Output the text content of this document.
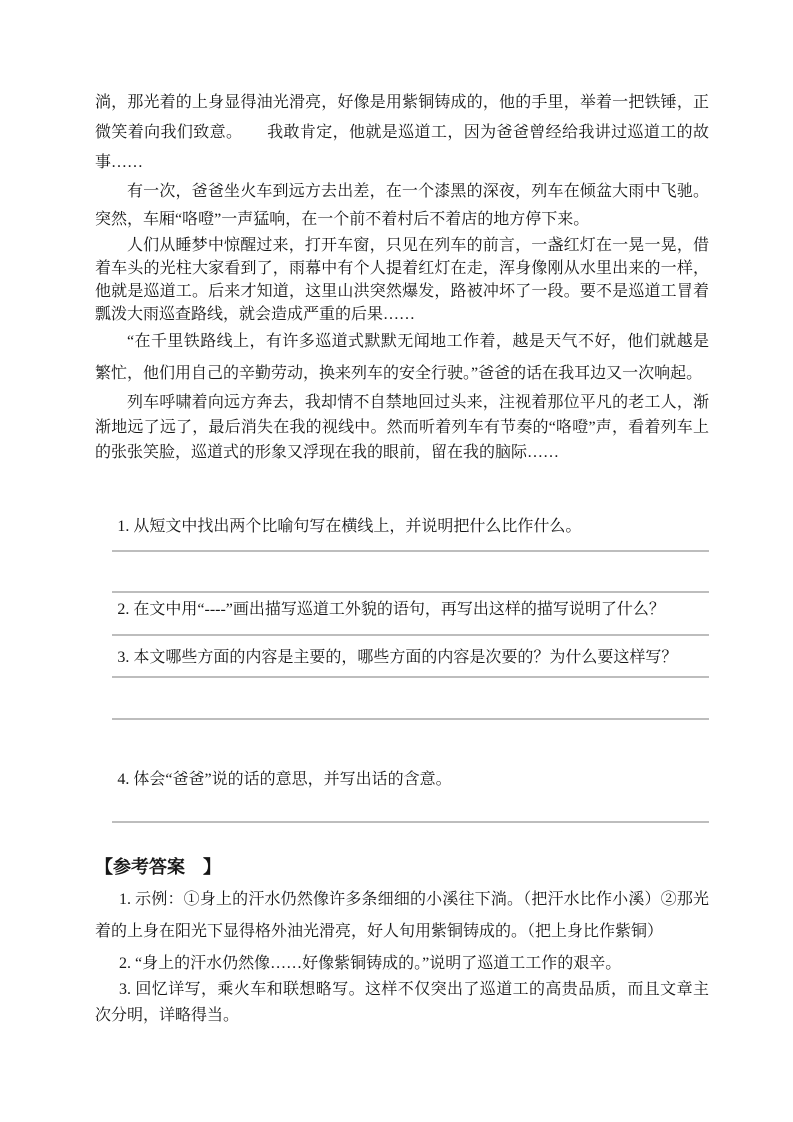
淌，那光着的上身显得油光滑亮，好像是用紫铜铸成的，他的手里，举着一把铁锤，正微笑着向我们致意。　　我敢肯定，他就是巡道工，因为爸爸曾经给我讲过巡道工的故事……

有一次，爸爸坐火车到远方去出差，在一个漆黑的深夜，列车在倾盆大雨中飞驰。突然，车厢“咯噔”一声猛响，在一个前不着村后不着店的地方停下来。

人们从睡梦中惊醒过来，打开车窗，只见在列车的前言，一盏红灯在一晃一晃，借着车头的光柱大家看到了，雨幕中有个人提着红灯在走，浑身像刚从水里出来的一样，他就是巡道工。后来才知道，这里山洪突然爆发，路被冲坏了一段。要不是巡道工冒着瓢泼大雨巡查路线，就会造成严重的后果……

“在千里铁路线上，有许多巡道式默默无闻地工作着，越是天气不好，他们就越是繁忙，他们用自己的辛勤劳动，换来列车的安全行驶。”爸爸的话在我耳边又一次响起。

列车呼啸着向远方奔去，我却情不自禁地回过头来，注视着那位平凡的老工人，渐渐地远了远了，最后消失在我的视线中。然而听着列车有节奏的“咯噔”声，看着列车上的张张笑脸，巡道式的形象又浮现在我的眼前，留在我的脑际……

1. 从短文中找出两个比喻句写在横线上，并说明把什么比作什么。

2. 在文中用“----”画出描写巡道工外貌的语句，再写出这样的描写说明了什么？

3. 本文哪些方面的内容是主要的，哪些方面的内容是次要的？为什么要这样写？

4. 体会“爸爸”说的话的意思，并写出话的含意。

【参考答案　】

1. 示例：①身上的汗水仍然像许多条细细的小溪往下淌。（把汗水比作小溪）②那光着的上身在阳光下显得格外油光滑亮，好人旬用紫铜铸成的。（把上身比作紫铜）

2. “身上的汗水仍然像……好像紫铜铸成的。”说明了巡道工工作的艰辛。

3. 回忆详写，乘火车和联想略写。这样不仅突出了巡道工的高贵品质，而且文章主次分明，详略得当。
